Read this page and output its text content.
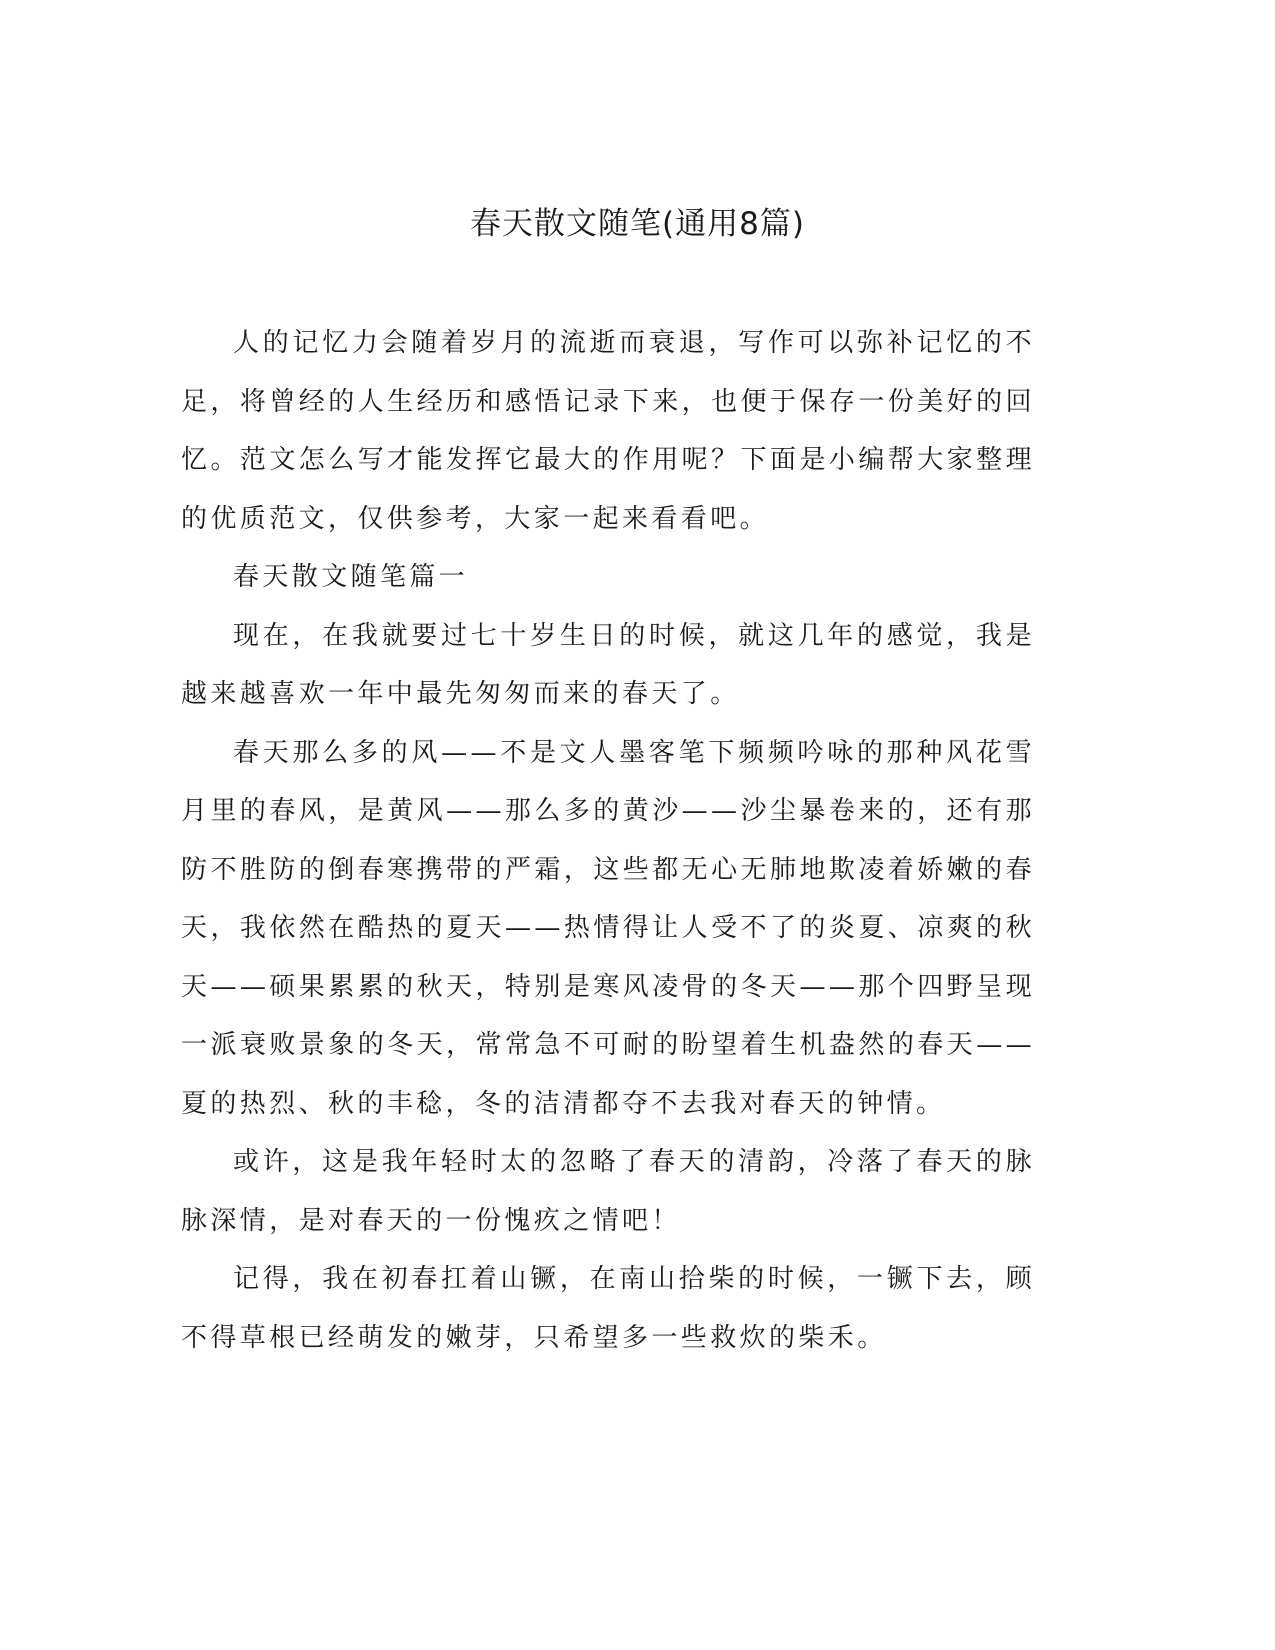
春天散文随笔(通用8篇)

人的记忆力会随着岁月的流逝而衰退，写作可以弥补记忆的不足，将曾经的人生经历和感悟记录下来，也便于保存一份美好的回忆。范文怎么写才能发挥它最大的作用呢？下面是小编帮大家整理的优质范文，仅供参考，大家一起来看看吧。

春天散文随笔篇一

现在，在我就要过七十岁生日的时候，就这几年的感觉，我是越来越喜欢一年中最先匆匆而来的春天了。

春天那么多的风——不是文人墨客笔下频频吟咏的那种风花雪月里的春风，是黄风——那么多的黄沙——沙尘暴卷来的，还有那防不胜防的倒春寒携带的严霜，这些都无心无肺地欺凌着娇嫩的春天，我依然在酷热的夏天——热情得让人受不了的炎夏、凉爽的秋天——硕果累累的秋天，特别是寒风凌骨的冬天——那个四野呈现一派衰败景象的冬天，常常急不可耐的盼望着生机盎然的春天——夏的热烈、秋的丰稔，冬的洁清都夺不去我对春天的钟情。

或许，这是我年轻时太的忽略了春天的清韵，冷落了春天的脉脉深情，是对春天的一份愧疚之情吧！

记得，我在初春扛着山镢，在南山拾柴的时候，一镢下去，顾不得草根已经萌发的嫩芽，只希望多一些救炊的柴禾。
